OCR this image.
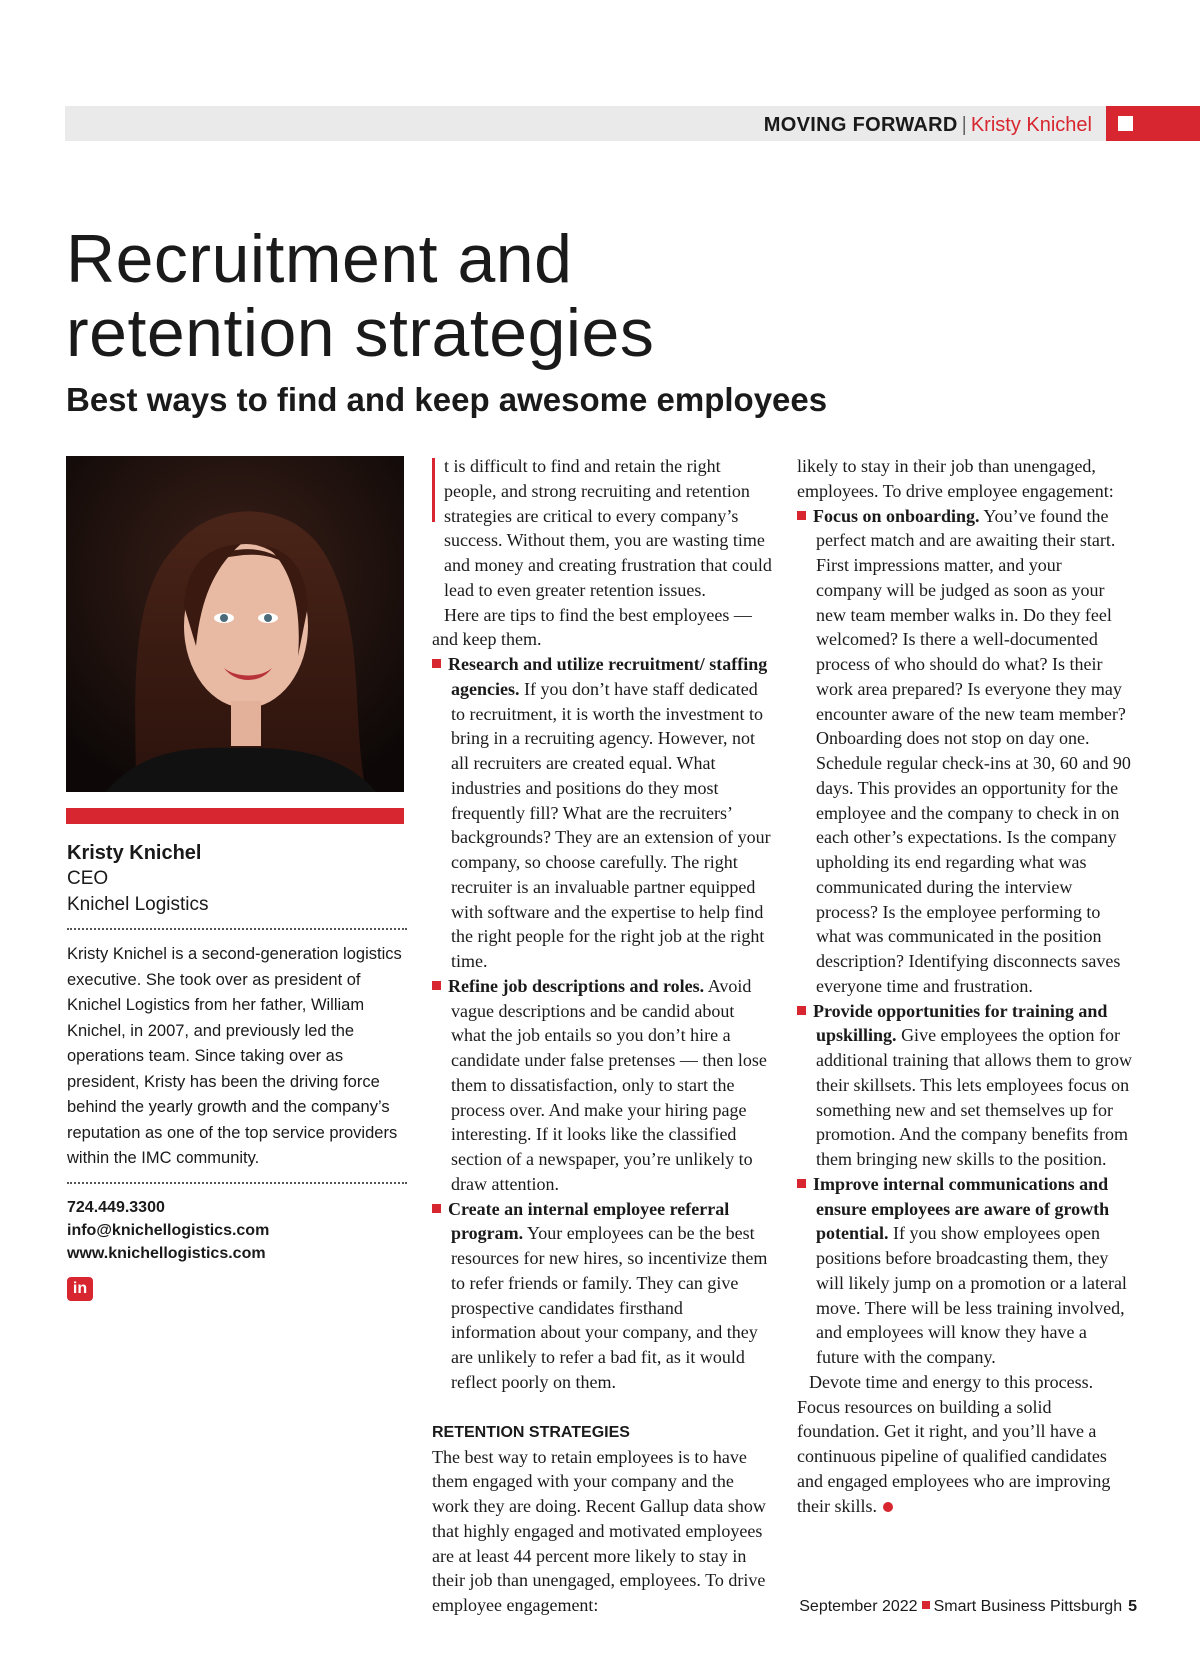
MOVING FORWARD | Kristy Knichel
Recruitment and
retention strategies
Best ways to find and keep awesome employees
Kristy Knichel
CEO
Knichel Logistics

Kristy Knichel is a second-generation logistics executive. She took over as president of Knichel Logistics from her father, William Knichel, in 2007, and previously led the operations team. Since taking over as president, Kristy has been the driving force behind the yearly growth and the company’s reputation as one of the top service providers within the IMC community.

724.449.3300
info@knichellogistics.com
www.knichellogistics.com
in

t is difficult to find and retain the right people, and strong recruiting and retention strategies are critical to every company’s success. Without them, you are wasting time and money and creating frustration that could lead to even greater retention issues.

Here are tips to find the best employees — and keep them.

Research and utilize recruitment/ staffing agencies. If you don’t have staff dedicated to recruitment, it is worth the investment to bring in a recruiting agency. However, not all recruiters are created equal. What industries and positions do they most frequently fill? What are the recruiters’ backgrounds? They are an extension of your company, so choose carefully. The right recruiter is an invaluable partner equipped with software and the expertise to help find the right people for the right job at the right time.

Refine job descriptions and roles. Avoid vague descriptions and be candid about what the job entails so you don’t hire a candidate under false pretenses — then lose them to dissatisfaction, only to start the process over. And make your hiring page interesting. If it looks like the classified section of a newspaper, you’re unlikely to draw attention.

Create an internal employee referral program. Your employees can be the best resources for new hires, so incentivize them to refer friends or family. They can give prospective candidates firsthand information about your company, and they are unlikely to refer a bad fit, as it would reflect poorly on them.

RETENTION STRATEGIES

The best way to retain employees is to have them engaged with your company and the work they are doing. Recent Gallup data show that highly engaged and motivated employees are at least 44 percent more likely to stay in their job than unengaged, employees. To drive employee engagement:

likely to stay in their job than unengaged, employees. To drive employee engagement:

Focus on onboarding. You’ve found the perfect match and are awaiting their start. First impressions matter, and your company will be judged as soon as your new team member walks in. Do they feel welcomed? Is there a well-documented process of who should do what? Is their work area prepared? Is everyone they may encounter aware of the new team member? Onboarding does not stop on day one. Schedule regular check-ins at 30, 60 and 90 days. This provides an opportunity for the employee and the company to check in on each other’s expectations. Is the company upholding its end regarding what was communicated during the interview process? Is the employee performing to what was communicated in the position description? Identifying disconnects saves everyone time and frustration.

Provide opportunities for training and upskilling. Give employees the option for additional training that allows them to grow their skillsets. This lets employees focus on something new and set themselves up for promotion. And the company benefits from them bringing new skills to the position.

Improve internal communications and ensure employees are aware of growth potential. If you show employees open positions before broadcasting them, they will likely jump on a promotion or a lateral move. There will be less training involved, and employees will know they have a future with the company.

Devote time and energy to this process. Focus resources on building a solid foundation. Get it right, and you’ll have a continuous pipeline of qualified candidates and engaged employees who are improving their skills.

September 2022 Smart Business Pittsburgh 5
